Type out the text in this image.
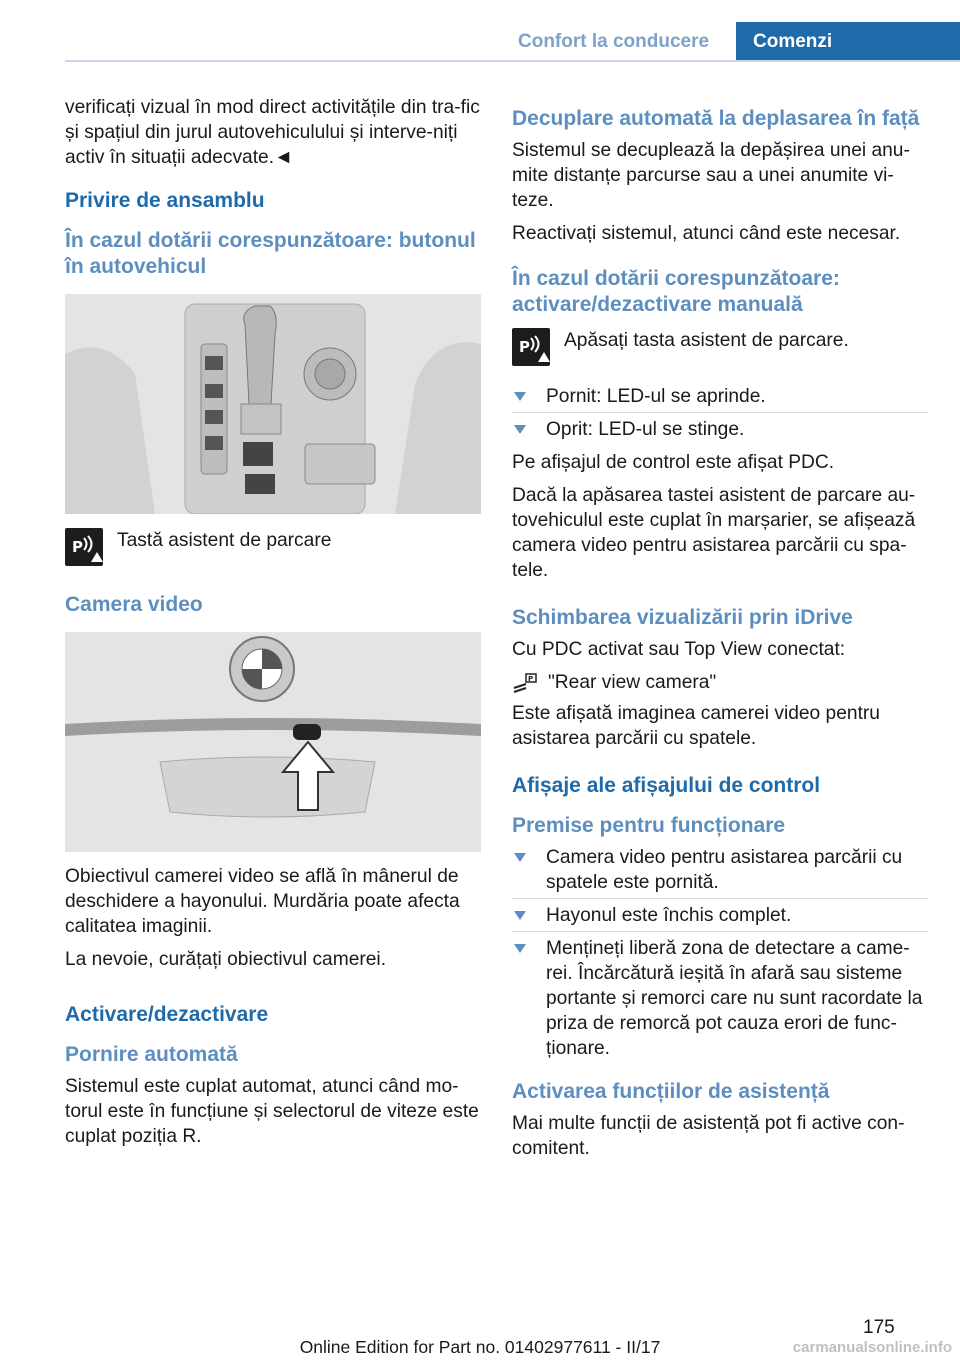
Confort la conducere	Comenzi

verificați vizual în mod direct activitățile din tra-fic și spațiul din jurul autovehiculului și interve-niți activ în situații adecvate.◄

Privire de ansamblu
În cazul dotării corespunzătoare: butonul în autovehicul
P Tastă asistent de parcare
Camera video

Obiectivul camerei video se află în mânerul de deschidere a hayonului. Murdăria poate afecta calitatea imaginii.

La nevoie, curățați obiectivul camerei.

Activare/dezactivare
Pornire automată

Sistemul este cuplat automat, atunci când mo-torul este în funcțiune și selectorul de viteze este cuplat poziția R.

Decuplare automată la deplasarea în față

Sistemul se decuplează la depășirea unei anu-mite distanțe parcurse sau a unei anumite vi-teze.

Reactivați sistemul, atunci când este necesar.

În cazul dotării corespunzătoare: activare/dezactivare manuală
P Apăsați tasta asistent de parcare.
Pornit: LED-ul se aprinde.
Oprit: LED-ul se stinge.

Pe afișajul de control este afișat PDC.

Dacă la apăsarea tastei asistent de parcare au-tovehiculul este cuplat în marșarier, se afișează camera video pentru asistarea parcării cu spa-tele.

Schimbarea vizualizării prin iDrive

Cu PDC activat sau Top View conectat:

P "Rear view camera"

Este afișată imaginea camerei video pentru asistarea parcării cu spatele.

Afișaje ale afișajului de control
Premise pentru funcționare
Camera video pentru asistarea parcării cu spatele este pornită.
Hayonul este închis complet.
Mențineți liberă zona de detectare a came-rei. Încărcătură ieșită în afară sau sisteme portante și remorci care nu sunt racordate la priza de remorcă pot cauza erori de func-ționare.
Activarea funcțiilor de asistență

Mai multe funcții de asistență pot fi active con-comitent.

175
Online Edition for Part no. 01402977611 - II/17	carmanualsonline.info
